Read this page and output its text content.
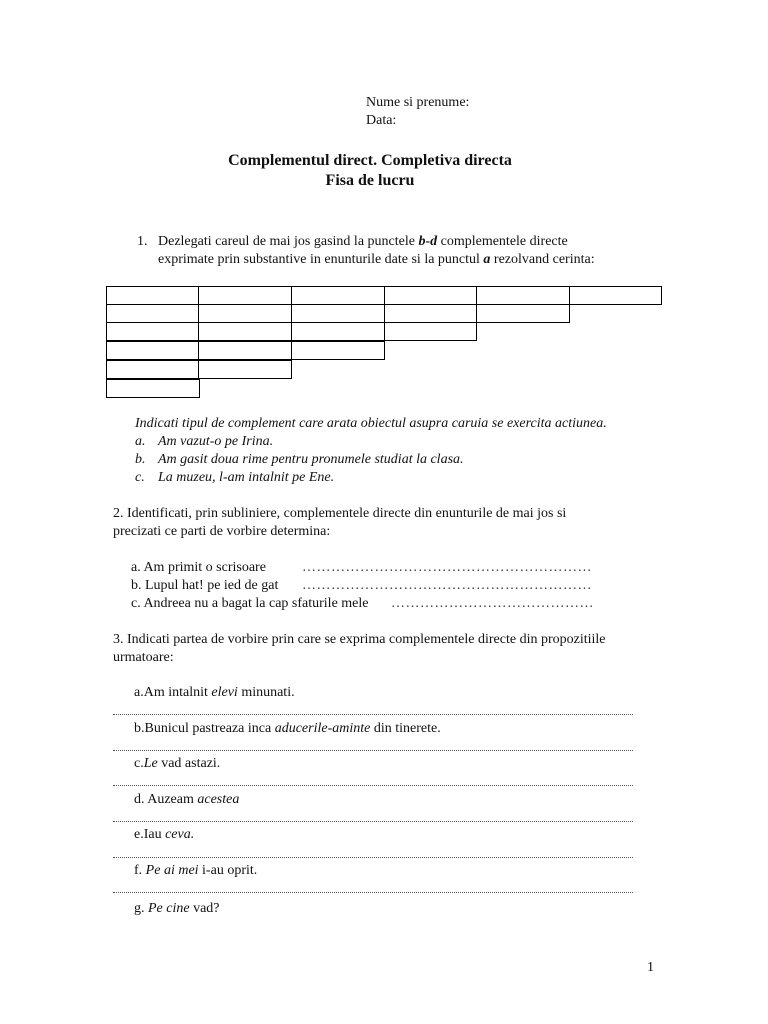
Nume si prenume:
Data:
Complementul direct. Completiva directa
Fisa de lucru
1. Dezlegati careul de mai jos gasind la punctele b-d complementele directe
exprimate prin substantive in enunturile date si la punctul a rezolvand cerinta:
Indicati tipul de complement care arata obiectul asupra caruia se exercita actiunea.
a. Am vazut-o pe Irina.
b. Am gasit doua rime pentru pronumele studiat la clasa.
c. La muzeu, l-am intalnit pe Ene.
2. Identificati, prin subliniere, complementele directe din enunturile de mai jos si
precizati ce parti de vorbire determina:
a. Am primit o scrisoare	……………………………………………………
b. Lupul hat! pe ied de gat ……………………………………………………
c. Andreea nu a bagat la cap sfaturile mele ……………………………………
3. Indicati partea de vorbire prin care se exprima complementele directe din propozitiile
urmatoare:
a.Am intalnit elevi minunati.
b.Bunicul pastreaza inca aducerile-aminte din tinerete.
c.Le vad astazi.
d. Auzeam acestea
e.Iau ceva.
f. Pe ai mei i-au oprit.
g. Pe cine vad?
1
